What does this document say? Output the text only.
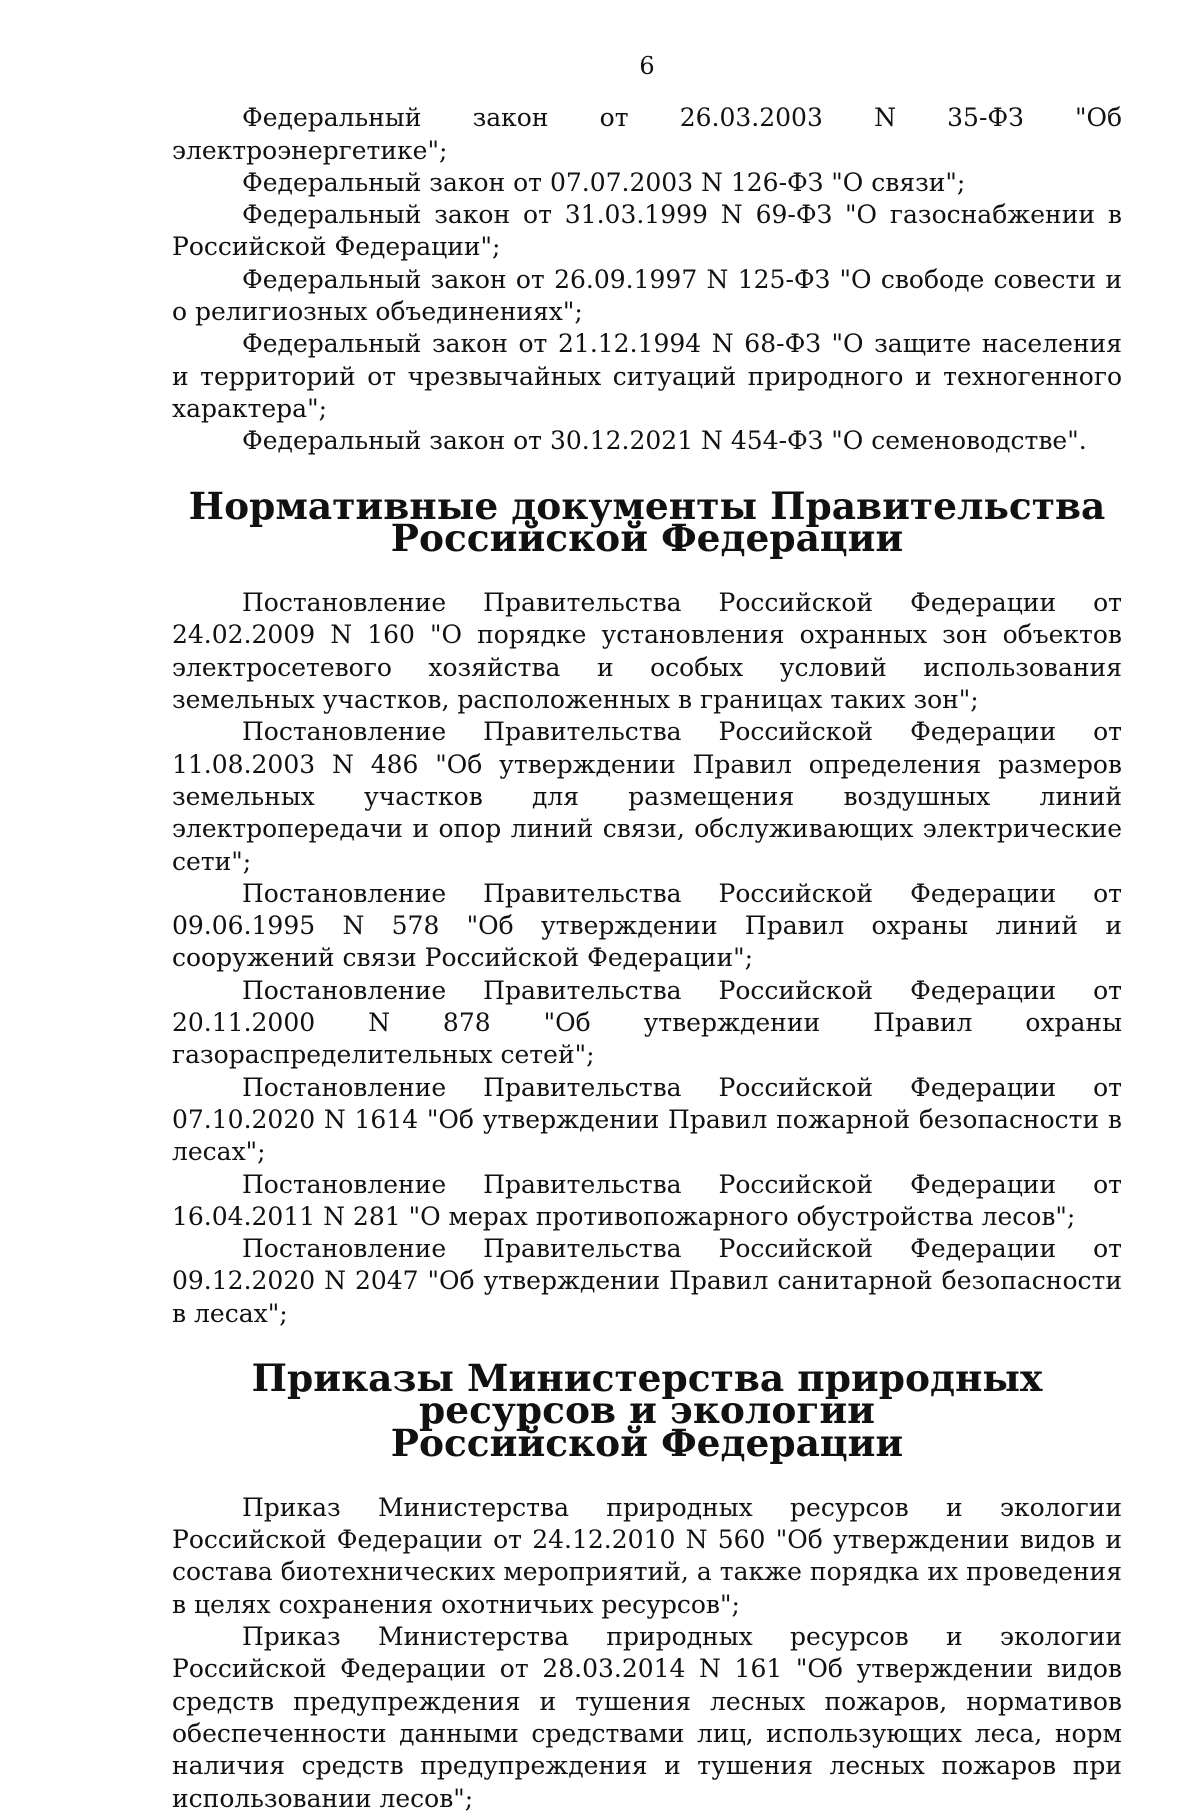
6

Федеральный закон от 26.03.2003 N 35-ФЗ "Об электроэнергетике";

Федеральный закон от 07.07.2003 N 126-ФЗ "О связи";

Федеральный закон от 31.03.1999 N 69-ФЗ "О газоснабжении в Российской Федерации";

Федеральный закон от 26.09.1997 N 125-ФЗ "О свободе совести и о религиозных объединениях";

Федеральный закон от 21.12.1994 N 68-ФЗ "О защите населения и территорий от чрезвычайных ситуаций природного и техногенного характера";

Федеральный закон от 30.12.2021 N 454-ФЗ "О семеноводстве".

Нормативные документы Правительства Российской Федерации

Постановление Правительства Российской Федерации от 24.02.2009 N 160 "О порядке установления охранных зон объектов электросетевого хозяйства и особых условий использования земельных участков, расположенных в границах таких зон";

Постановление Правительства Российской Федерации от 11.08.2003 N 486 "Об утверждении Правил определения размеров земельных участков для размещения воздушных линий электропередачи и опор линий связи, обслуживающих электрические сети";

Постановление Правительства Российской Федерации от 09.06.1995 N 578 "Об утверждении Правил охраны линий и сооружений связи Российской Федерации";

Постановление Правительства Российской Федерации от 20.11.2000 N 878 "Об утверждении Правил охраны газораспределительных сетей";

Постановление Правительства Российской Федерации от 07.10.2020 N 1614 "Об утверждении Правил пожарной безопасности в лесах";

Постановление Правительства Российской Федерации от 16.04.2011 N 281 "О мерах противопожарного обустройства лесов";

Постановление Правительства Российской Федерации от 09.12.2020 N 2047 "Об утверждении Правил санитарной безопасности в лесах";

Приказы Министерства природных ресурсов и экологии
Российской Федерации

Приказ Министерства природных ресурсов и экологии Российской Федерации от 24.12.2010 N 560 "Об утверждении видов и состава биотехнических мероприятий, а также порядка их проведения в целях сохранения охотничьих ресурсов";

Приказ Министерства природных ресурсов и экологии Российской Федерации от 28.03.2014 N 161 "Об утверждении видов средств предупреждения и тушения лесных пожаров, нормативов обеспеченности данными средствами лиц, использующих леса, норм наличия средств предупреждения и тушения лесных пожаров при использовании лесов";
